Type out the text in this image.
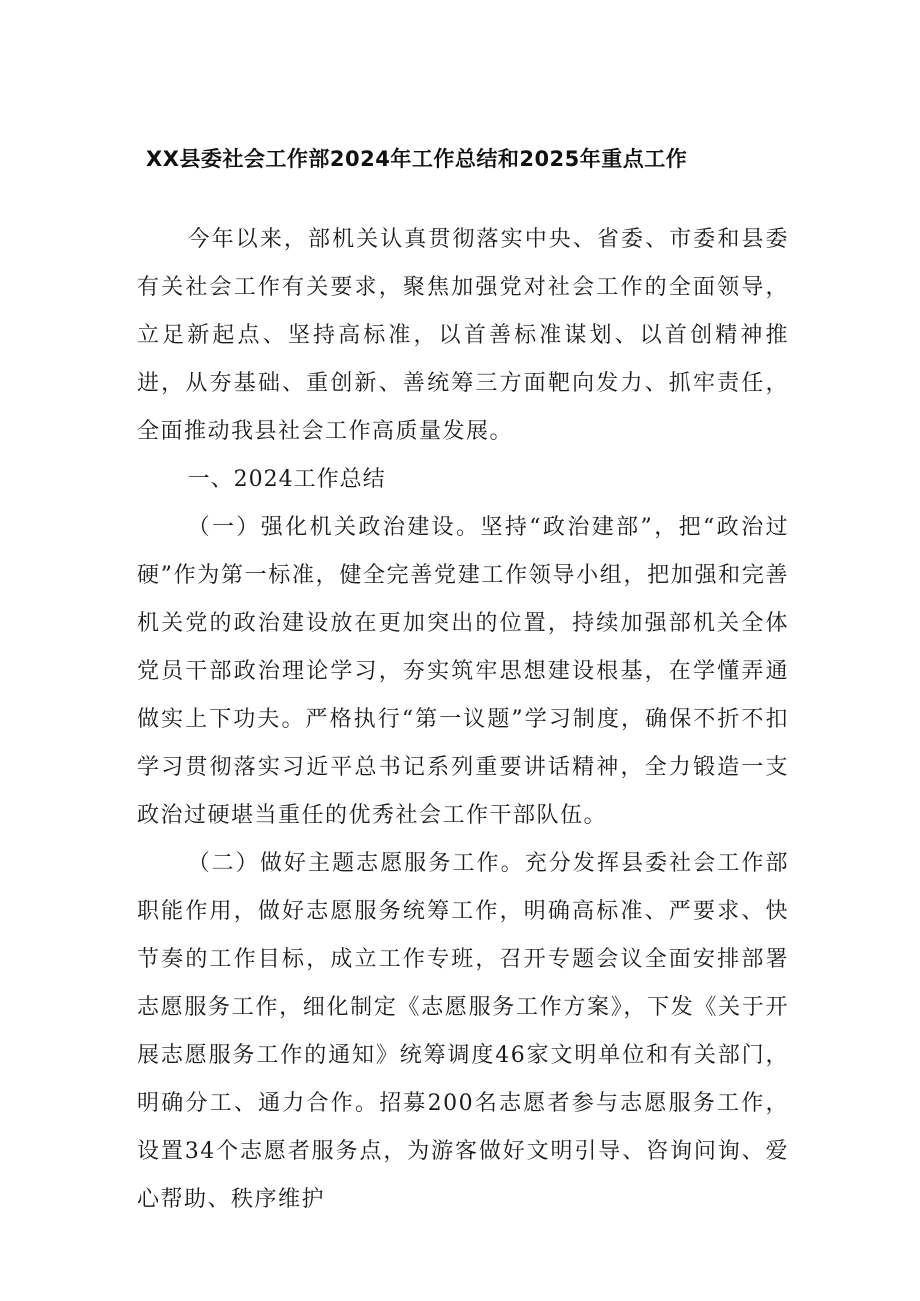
XX县委社会工作部2024年工作总结和2025年重点工作

今年以来，部机关认真贯彻落实中央、省委、市委和县委有关社会工作有关要求，聚焦加强党对社会工作的全面领导，立足新起点、坚持高标准，以首善标准谋划、以首创精神推进，从夯基础、重创新、善统筹三方面靶向发力、抓牢责任，全面推动我县社会工作高质量发展。

一、2024工作总结

（一）强化机关政治建设。坚持“政治建部”，把“政治过硬”作为第一标准，健全完善党建工作领导小组，把加强和完善机关党的政治建设放在更加突出的位置，持续加强部机关全体党员干部政治理论学习，夯实筑牢思想建设根基，在学懂弄通做实上下功夫。严格执行“第一议题”学习制度，确保不折不扣学习贯彻落实习近平总书记系列重要讲话精神，全力锻造一支政治过硬堪当重任的优秀社会工作干部队伍。

（二）做好主题志愿服务工作。充分发挥县委社会工作部职能作用，做好志愿服务统筹工作，明确高标准、严要求、快节奏的工作目标，成立工作专班，召开专题会议全面安排部署志愿服务工作，细化制定《志愿服务工作方案》，下发《关于开展志愿服务工作的通知》统筹调度46家文明单位和有关部门，明确分工、通力合作。招募200名志愿者参与志愿服务工作，设置34个志愿者服务点，为游客做好文明引导、咨询问询、爱心帮助、秩序维护
